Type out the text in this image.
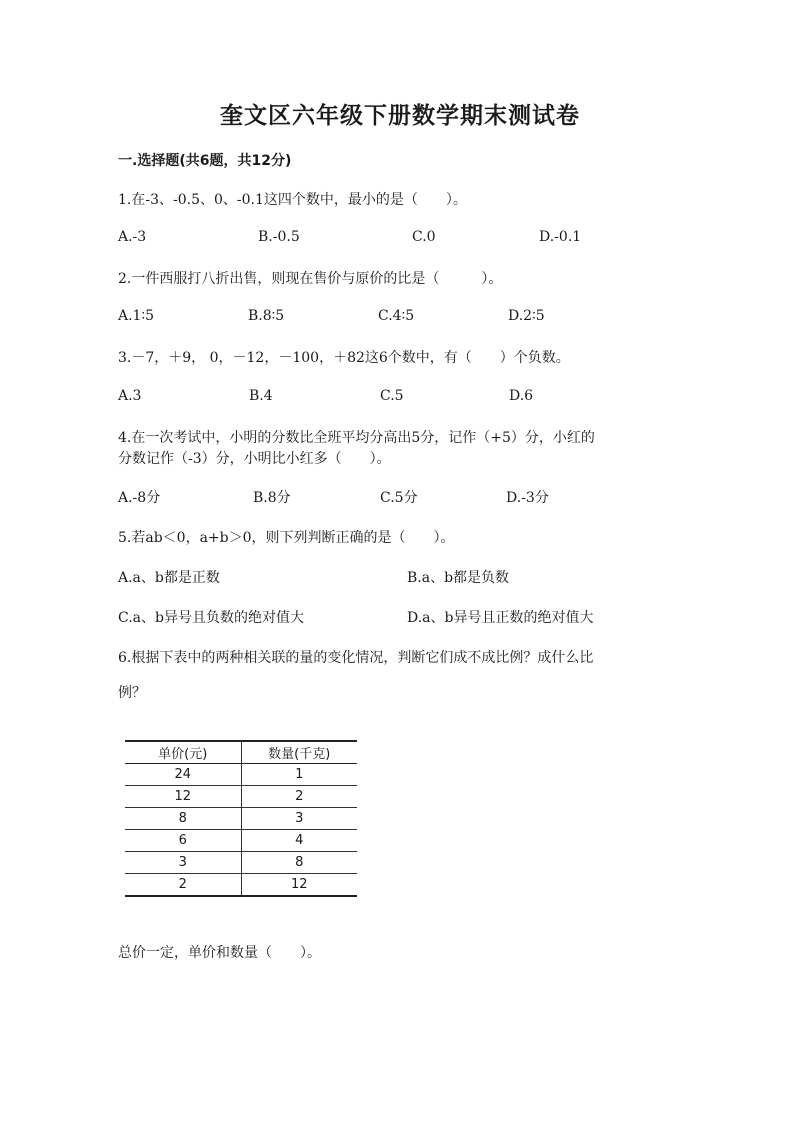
奎文区六年级下册数学期末测试卷
一.选择题(共6题，共12分)
1.在-3、-0.5、0、-0.1这四个数中，最小的是（　　）。
A.-3	B.-0.5	C.0	D.-0.1
2.一件西服打八折出售，则现在售价与原价的比是（　　　）。
A.1∶5	B.8∶5	C.4∶5	D.2∶5
3.－7，＋9， 0，－12，－100，＋82这6个数中，有（　　）个负数。
A.3	B.4	C.5	D.6
4.在一次考试中，小明的分数比全班平均分高出5分，记作（+5）分，小红的
分数记作（-3）分，小明比小红多（　　）。
A.-8分	B.8分	C.5分	D.-3分
5.若ab＜0，a+b＞0，则下列判断正确的是（　　）。
A.a、b都是正数	B.a、b都是负数
C.a、b异号且负数的绝对值大	D.a、b异号且正数的绝对值大
6.根据下表中的两种相关联的量的变化情况，判断它们成不成比例？成什么比
例？
单价(元)	数量(千克)
24	1
12	2
8	3
6	4
3	8
2	12
总价一定，单价和数量（　　）。
